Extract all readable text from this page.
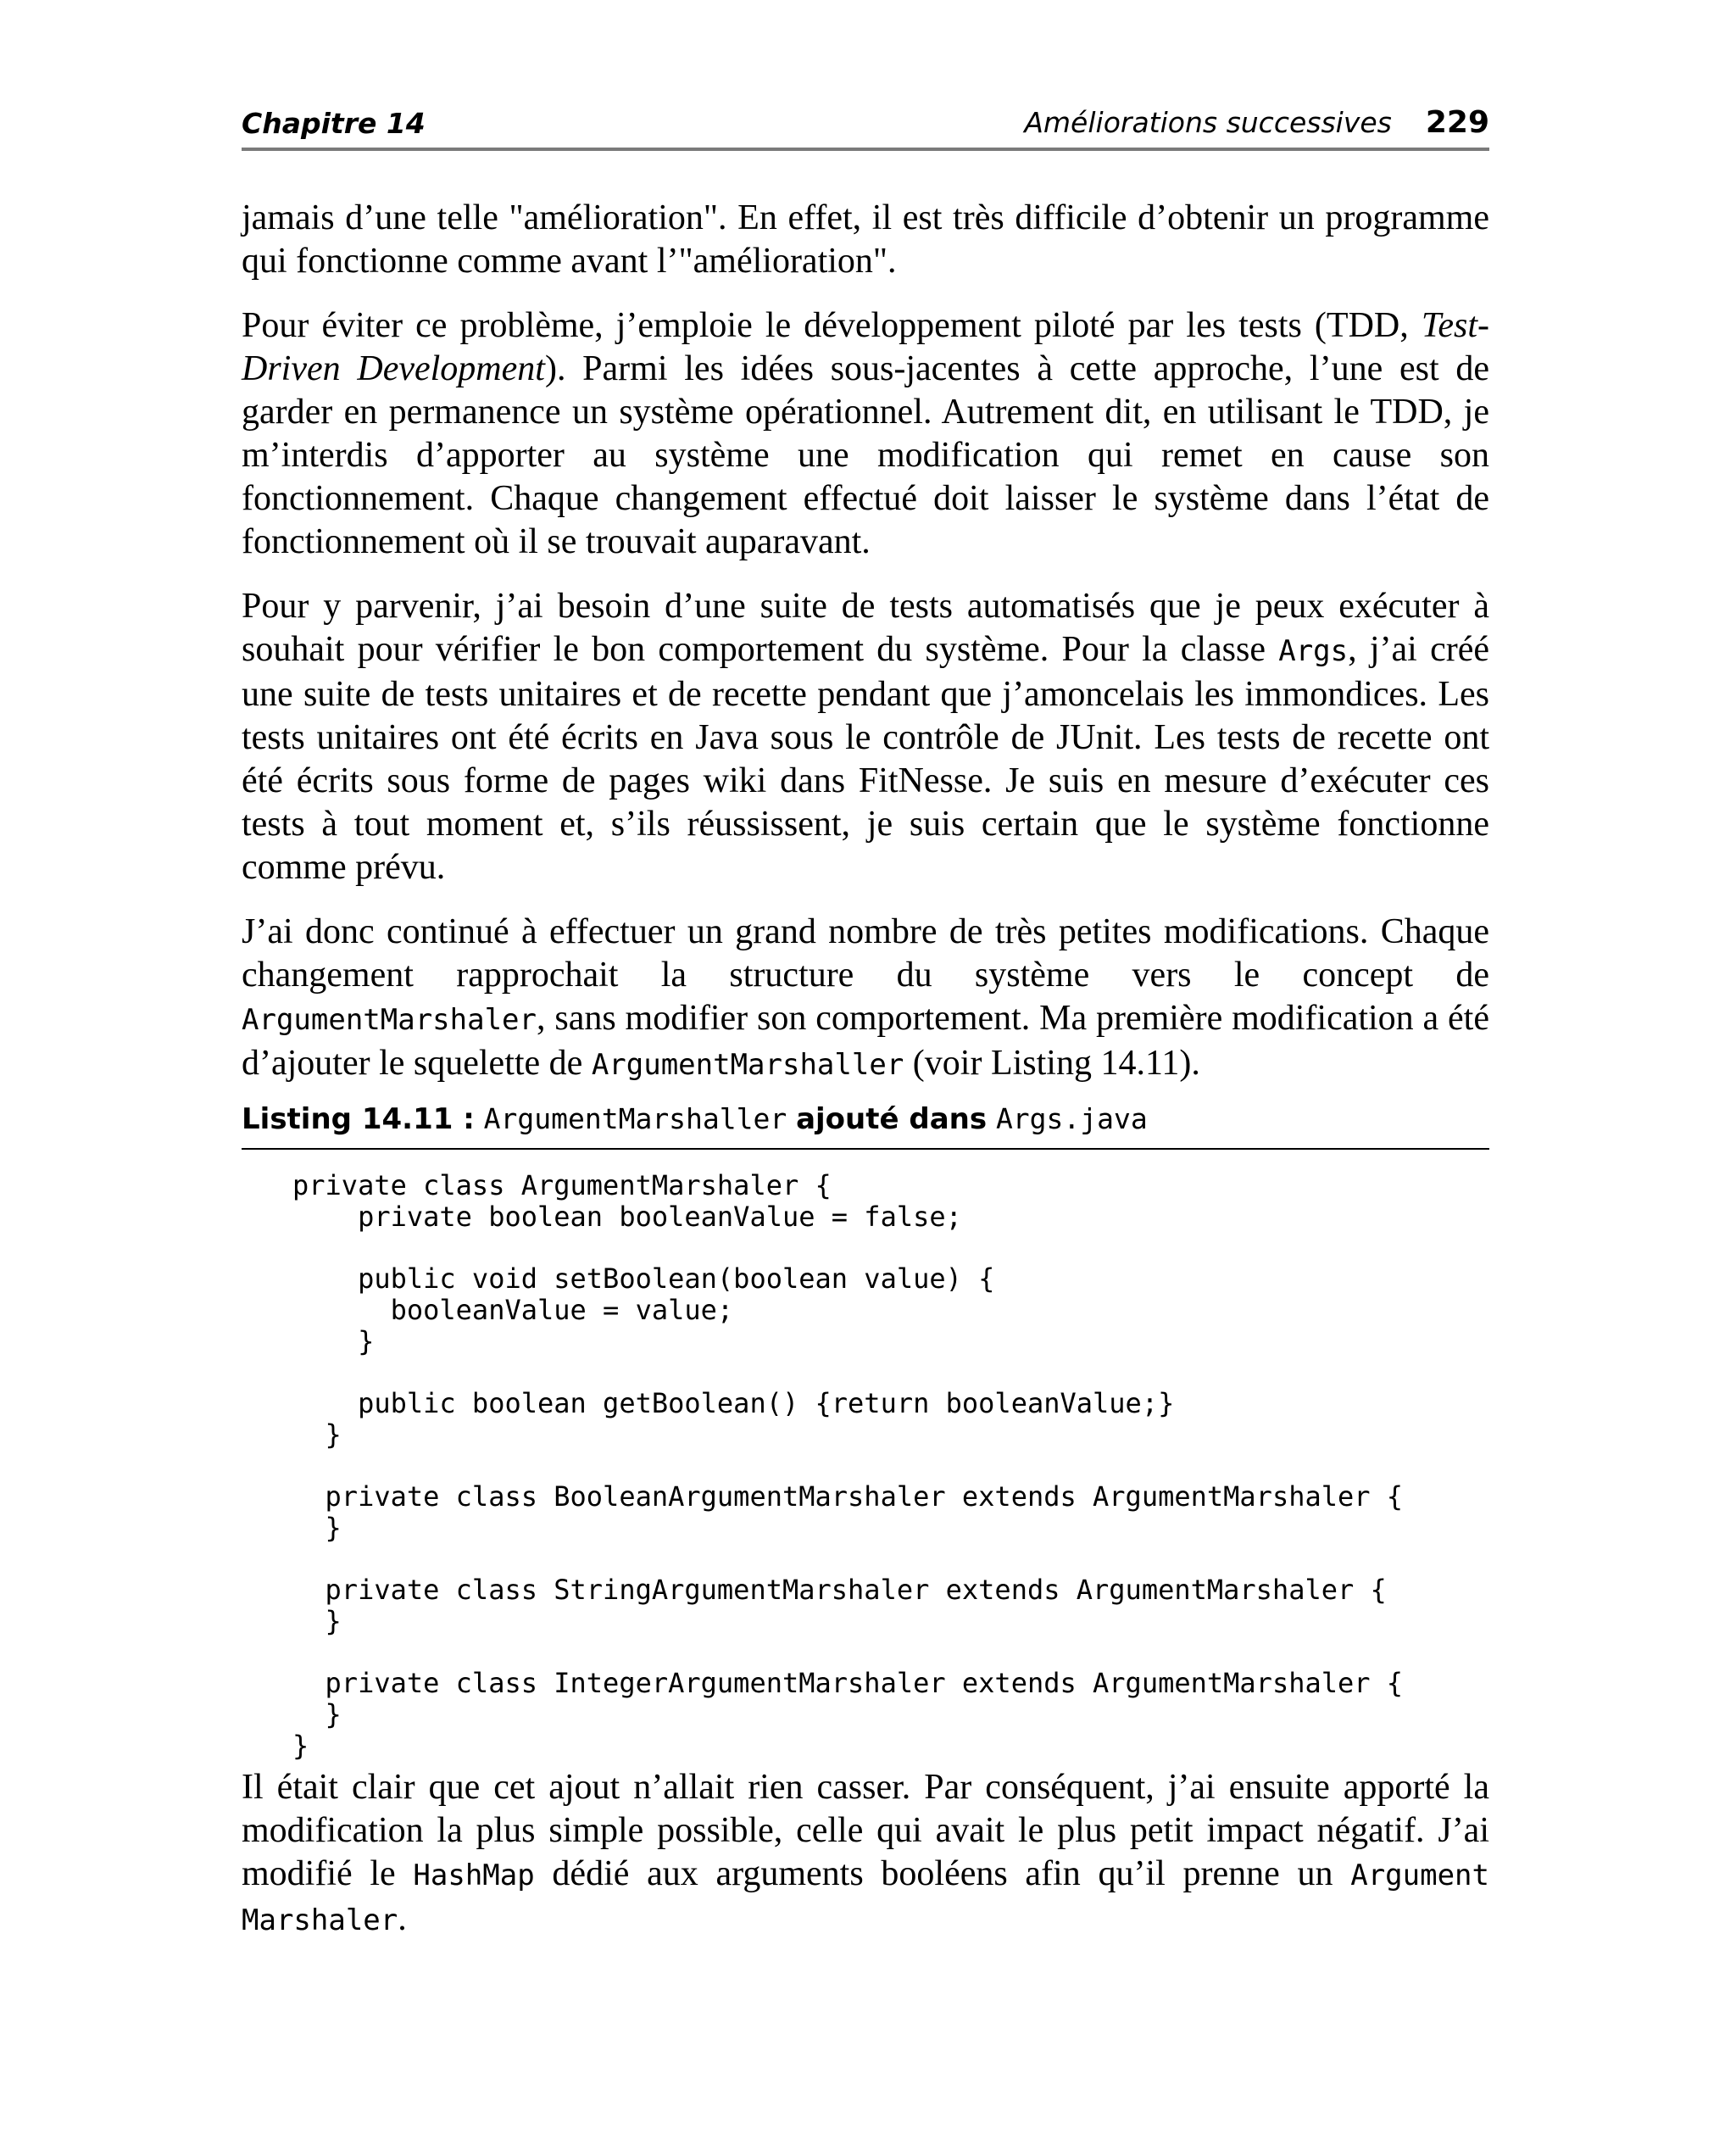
Chapitre 14	Améliorations successives 229

jamais d’une telle "amélioration". En effet, il est très difficile d’obtenir un programme qui fonctionne comme avant l’"amélioration".

Pour éviter ce problème, j’emploie le développement piloté par les tests (TDD, Test-Driven Development). Parmi les idées sous-jacentes à cette approche, l’une est de garder en permanence un système opérationnel. Autrement dit, en utilisant le TDD, je m’interdis d’apporter au système une modification qui remet en cause son fonctionnement. Chaque changement effectué doit laisser le système dans l’état de fonctionnement où il se trouvait auparavant.

Pour y parvenir, j’ai besoin d’une suite de tests automatisés que je peux exécuter à souhait pour vérifier le bon comportement du système. Pour la classe Args, j’ai créé une suite de tests unitaires et de recette pendant que j’amoncelais les immondices. Les tests unitaires ont été écrits en Java sous le contrôle de JUnit. Les tests de recette ont été écrits sous forme de pages wiki dans FitNesse. Je suis en mesure d’exécuter ces tests à tout moment et, s’ils réussissent, je suis certain que le système fonctionne comme prévu.

J’ai donc continué à effectuer un grand nombre de très petites modifications. Chaque changement rapprochait la structure du système vers le concept de ArgumentMarshaler, sans modifier son comportement. Ma première modification a été d’ajouter le squelette de ArgumentMarshaller (voir Listing 14.11).

Listing 14.11 : ArgumentMarshaller ajouté dans Args.java
private class ArgumentMarshaler {
private boolean booleanValue = false;

public void setBoolean(boolean value) {
booleanValue = value;
}

public boolean getBoolean() {return booleanValue;}
}

private class BooleanArgumentMarshaler extends ArgumentMarshaler {
}

private class StringArgumentMarshaler extends ArgumentMarshaler {
}

private class IntegerArgumentMarshaler extends ArgumentMarshaler {
}
}

Il était clair que cet ajout n’allait rien casser. Par conséquent, j’ai ensuite apporté la modification la plus simple possible, celle qui avait le plus petit impact négatif. J’ai modifié le HashMap dédié aux arguments booléens afin qu’il prenne un Argument Marshaler.
